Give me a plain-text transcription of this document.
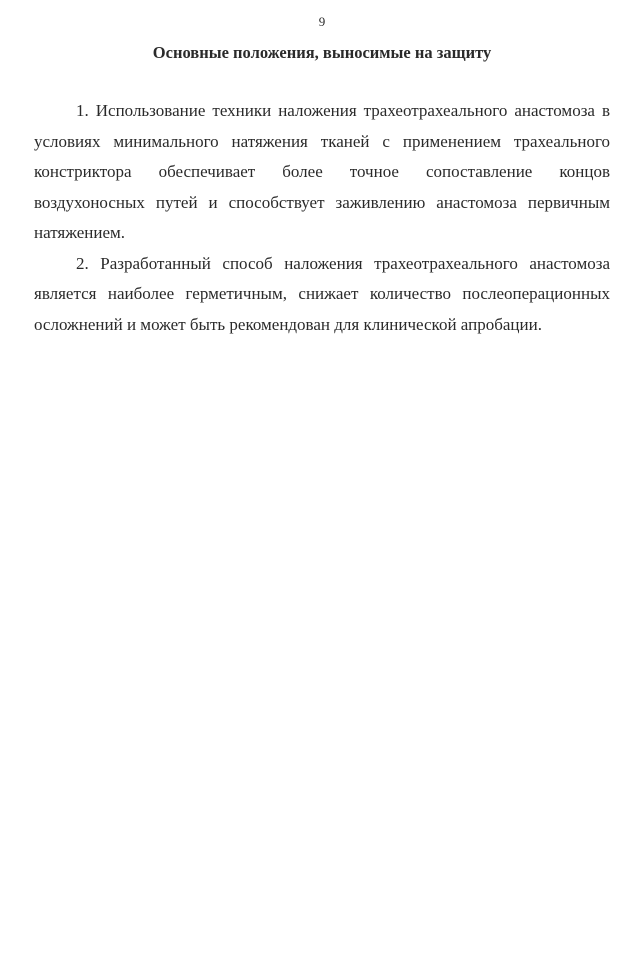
9
Основные положения, выносимые на защиту

1. Использование техники наложения трахеотрахеального анастомоза в условиях минимального натяжения тканей с применением трахеального констриктора обеспечивает более точное сопоставление концов воздухоносных путей и способствует заживлению анастомоза первичным натяжением.

2. Разработанный способ наложения трахеотрахеального анастомоза является наиболее герметичным, снижает количество послеоперационных осложнений и может быть рекомендован для клинической апробации.
